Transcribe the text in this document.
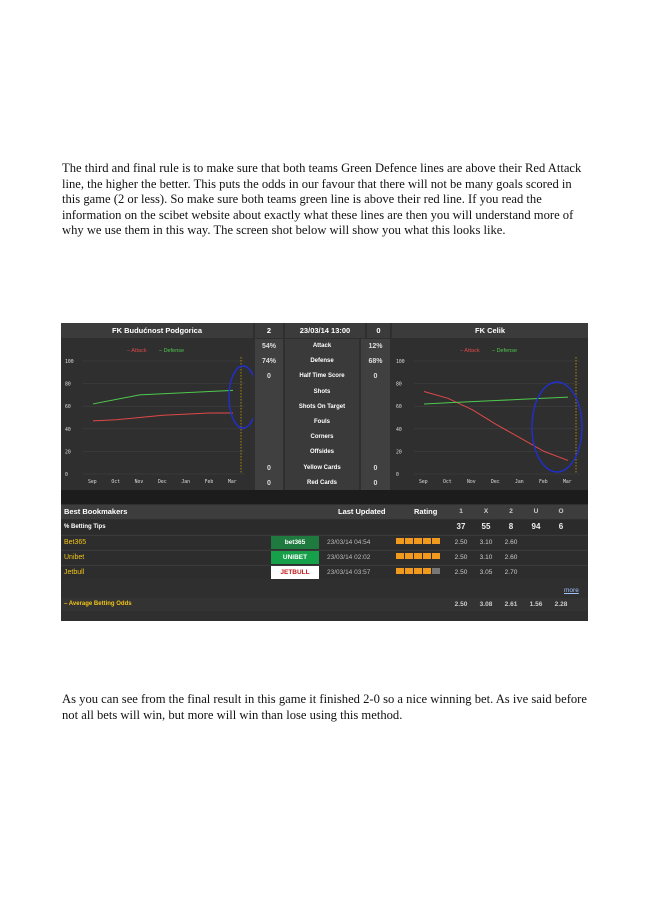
The third and final rule is to make sure that both teams Green Defence lines are above their Red Attack line, the higher the better. This puts the odds in our favour that there will not be many goals scored in this game (2 or less). So make sure both teams green line is above their red line. If you read the information on the scibet website about exactly what these lines are then you will understand more of why we use them in this way. The screen shot below will show you what this looks like.
FK Budućnost Podgorica	2	23/03/14 13:00	0	FK Celik
– Attack – Defense
100
80
60
40
20
0
Sep	Oct	Nov	Dec	Jan	Feb	Mar
54%	Attack	12%
74%	Defense	68%
0	Half Time Score	0
Shots
Shots On Target
Fouls
Corners
Offsides
0	Yellow Cards	0
0	Red Cards	0
– Attack – Defense
100
80
60
40
20
0
Sep	Oct	Nov	Dec	Jan	Feb	Mar
Best Bookmakers	Last Updated	Rating	1	X	2	U	O
% Betting Tips	37	55	8	94	6
Bet365	bet365	23/03/14 04:54	2.50	3.10	2.60
Unibet	UNIBET	23/03/14 02:02	2.50	3.10	2.60
Jetbull	JETBULL	23/03/14 03:57	2.50	3.05	2.70
more
– Average Betting Odds	2.50	3.08	2.61	1.56	2.28
As you can see from the final result in this game it finished 2-0 so a nice winning bet. As ive said before not all bets will win, but more will win than lose using this method.
